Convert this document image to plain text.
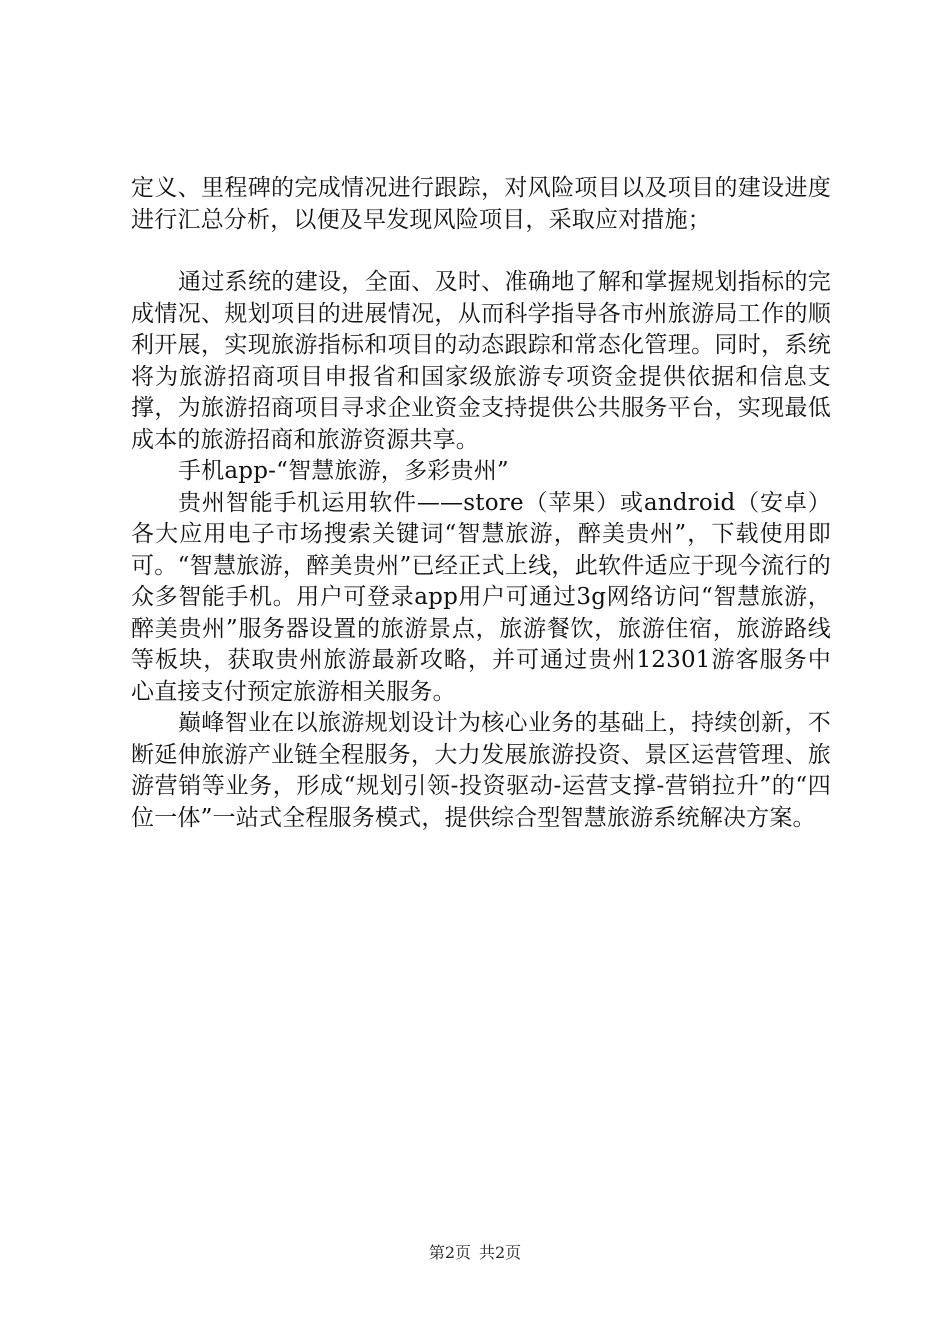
定义、里程碑的完成情况进行跟踪，对风险项目以及项目的建设进度进行汇总分析，以便及早发现风险项目，采取应对措施；

通过系统的建设，全面、及时、准确地了解和掌握规划指标的完成情况、规划项目的进展情况，从而科学指导各市州旅游局工作的顺利开展，实现旅游指标和项目的动态跟踪和常态化管理。同时，系统将为旅游招商项目申报省和国家级旅游专项资金提供依据和信息支撑，为旅游招商项目寻求企业资金支持提供公共服务平台，实现最低成本的旅游招商和旅游资源共享。

手机app-“智慧旅游，多彩贵州”

贵州智能手机运用软件——store（苹果）或android（安卓）各大应用电子市场搜索关键词“智慧旅游，醉美贵州”，下载使用即可。“智慧旅游，醉美贵州”已经正式上线，此软件适应于现今流行的众多智能手机。用户可登录app用户可通过3g网络访问“智慧旅游，醉美贵州”服务器设置的旅游景点，旅游餐饮，旅游住宿，旅游路线等板块，获取贵州旅游最新攻略，并可通过贵州12301游客服务中心直接支付预定旅游相关服务。

巅峰智业在以旅游规划设计为核心业务的基础上，持续创新，不断延伸旅游产业链全程服务，大力发展旅游投资、景区运营管理、旅游营销等业务，形成“规划引领-投资驱动-运营支撑-营销拉升”的“四位一体”一站式全程服务模式，提供综合型智慧旅游系统解决方案。

第2页 共2页
